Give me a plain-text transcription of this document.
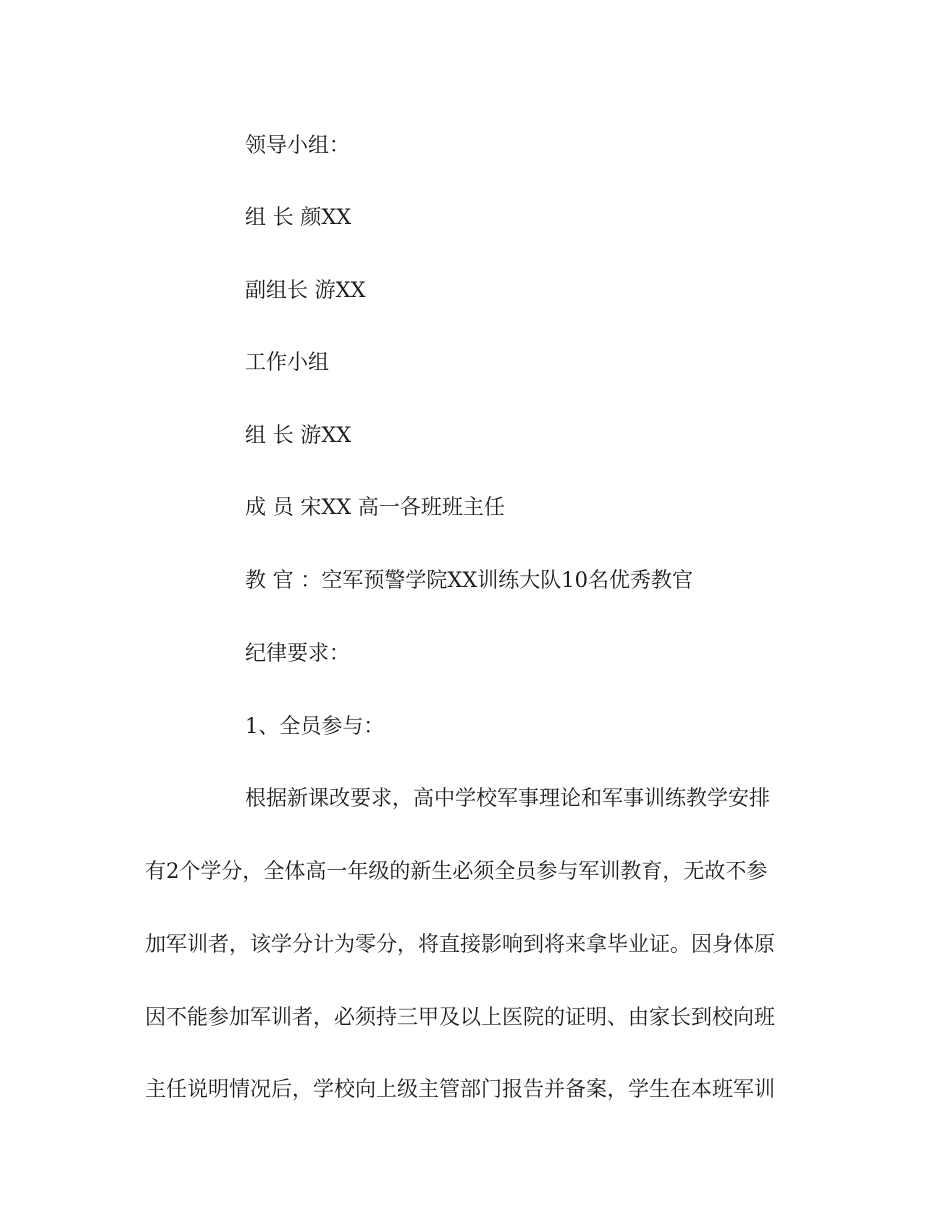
领导小组：
组 长 颜XX
副组长 游XX
工作小组
组 长 游XX
成 员 宋XX 高一各班班主任
教 官 ：空军预警学院XX训练大队10名优秀教官
纪律要求：
1、全员参与：
根据新课改要求，高中学校军事理论和军事训练教学安排
有2个学分，全体高一年级的新生必须全员参与军训教育，无故不参
加军训者，该学分计为零分，将直接影响到将来拿毕业证。因身体原
因不能参加军训者，必须持三甲及以上医院的证明、由家长到校向班
主任说明情况后，学校向上级主管部门报告并备案，学生在本班军训
